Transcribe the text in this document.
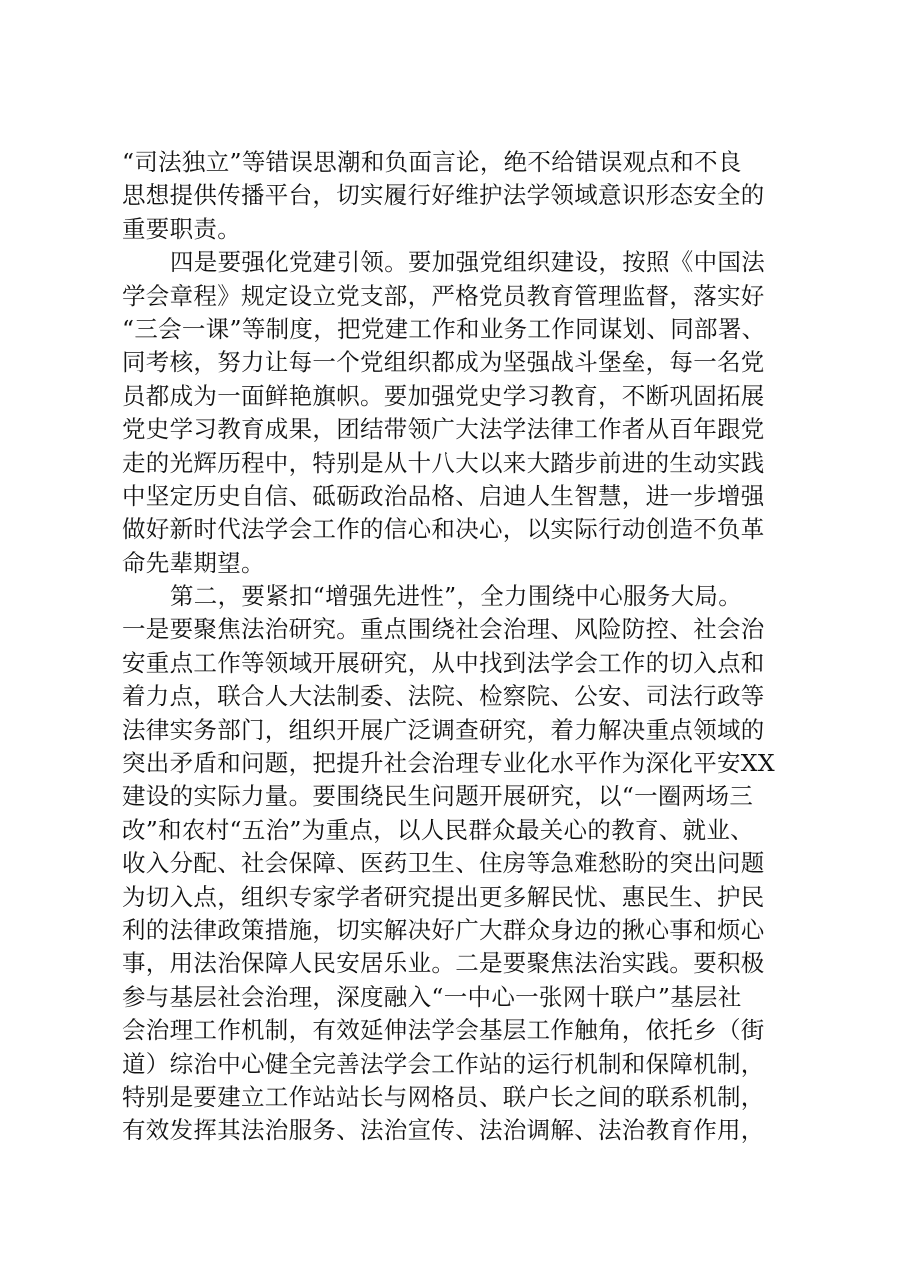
“司法独立”等错误思潮和负面言论，绝不给错误观点和不良
思想提供传播平台，切实履行好维护法学领域意识形态安全的
重要职责。
四是要强化党建引领。要加强党组织建设，按照《中国法
学会章程》规定设立党支部，严格党员教育管理监督，落实好
“三会一课”等制度，把党建工作和业务工作同谋划、同部署、
同考核，努力让每一个党组织都成为坚强战斗堡垒，每一名党
员都成为一面鲜艳旗帜。要加强党史学习教育，不断巩固拓展
党史学习教育成果，团结带领广大法学法律工作者从百年跟党
走的光辉历程中，特别是从十八大以来大踏步前进的生动实践
中坚定历史自信、砥砺政治品格、启迪人生智慧，进一步增强
做好新时代法学会工作的信心和决心，以实际行动创造不负革
命先辈期望。
第二，要紧扣“增强先进性”，全力围绕中心服务大局。
一是要聚焦法治研究。重点围绕社会治理、风险防控、社会治
安重点工作等领域开展研究，从中找到法学会工作的切入点和
着力点，联合人大法制委、法院、检察院、公安、司法行政等
法律实务部门，组织开展广泛调查研究，着力解决重点领域的
突出矛盾和问题，把提升社会治理专业化水平作为深化平安XX
建设的实际力量。要围绕民生问题开展研究，以“一圈两场三
改”和农村“五治”为重点，以人民群众最关心的教育、就业、
收入分配、社会保障、医药卫生、住房等急难愁盼的突出问题
为切入点，组织专家学者研究提出更多解民忧、惠民生、护民
利的法律政策措施，切实解决好广大群众身边的揪心事和烦心
事，用法治保障人民安居乐业。二是要聚焦法治实践。要积极
参与基层社会治理，深度融入“一中心一张网十联户”基层社
会治理工作机制，有效延伸法学会基层工作触角，依托乡（街
道）综治中心健全完善法学会工作站的运行机制和保障机制，
特别是要建立工作站站长与网格员、联户长之间的联系机制，
有效发挥其法治服务、法治宣传、法治调解、法治教育作用，
